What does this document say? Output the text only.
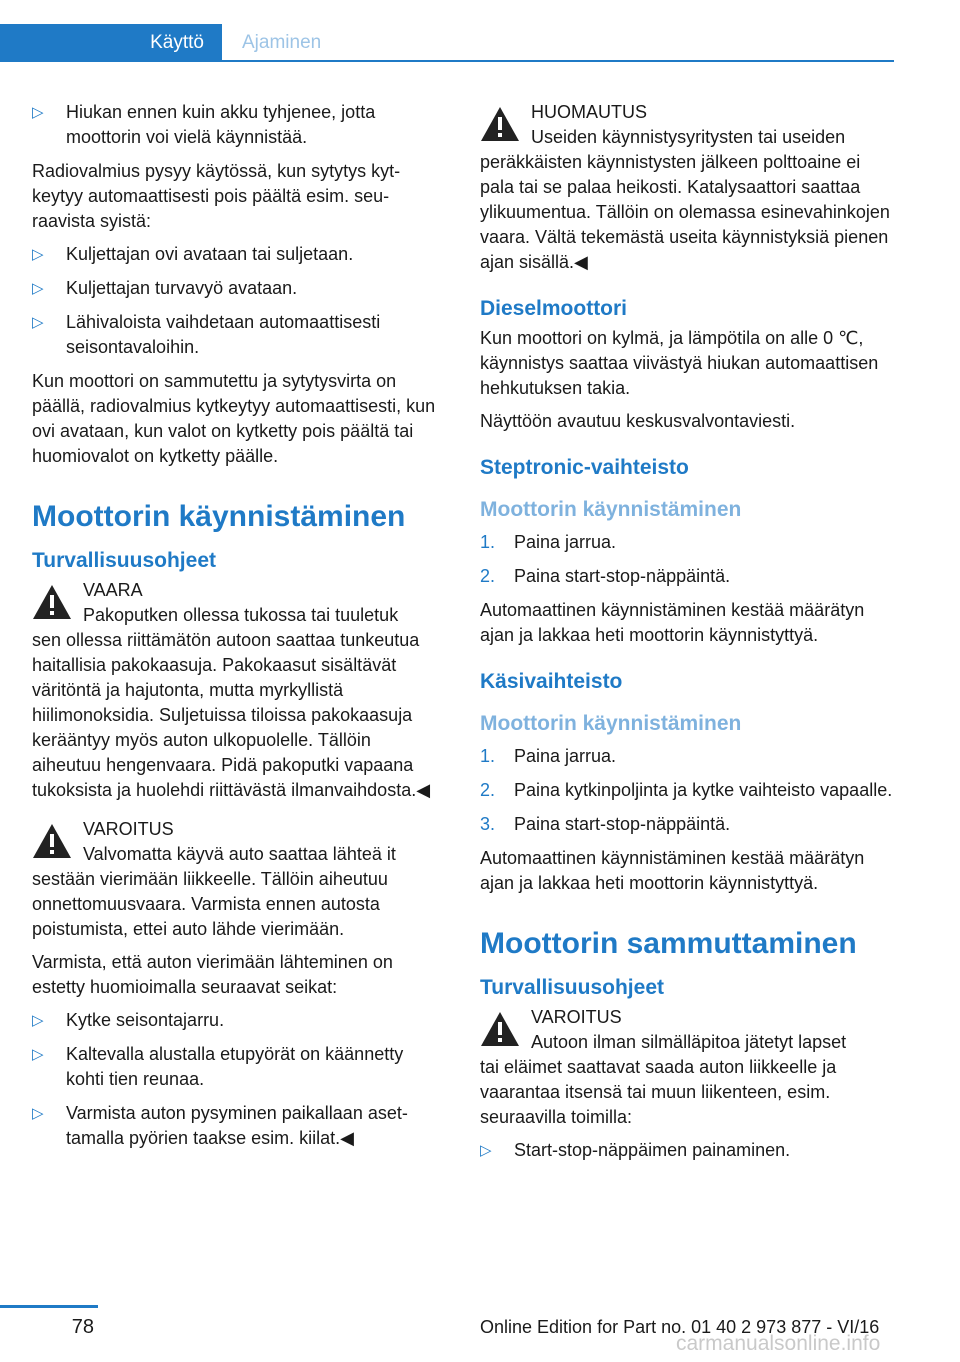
Käyttö	Ajaminen
▷ Hiukan ennen kuin akku tyhjenee, jotta moottorin voi vielä käynnistää.

Radiovalmius pysyy käytössä, kun sytytys kytkeytyy automaattisesti pois päältä esim. seuraavista syistä:

▷ Kuljettajan ovi avataan tai suljetaan.
▷ Kuljettajan turvavyö avataan.
▷ Lähivaloista vaihdetaan automaattisesti seisontavaloihin.

Kun moottori on sammutettu ja sytytysvirta on päällä, radiovalmius kytkeytyy automaattisesti, kun ovi avataan, kun valot on kytketty pois päältä tai huomiovalot on kytketty päälle.

Moottorin käynnistäminen
Turvallisuusohjeet
VAARA

Pakoputken ollessa tukossa tai tuuletuk
sen ollessa riittämätön autoon saattaa tunkeutua haitallisia pakokaasuja. Pakokaasut sisältävät väritöntä ja hajutonta, mutta myrkyllistä hiilimonoksidia. Suljetuissa tiloissa pakokaasuja kerääntyy myös auton ulkopuolelle. Tällöin aiheutuu hengenvaara. Pidä pakoputki vapaana tukoksista ja huolehdi riittävästä ilmanvaihdosta.◀

VAROITUS

Valvomatta käyvä auto saattaa lähteä it
sestään vierimään liikkeelle. Tällöin aiheutuu onnettomuusvaara. Varmista ennen autosta poistumista, ettei auto lähde vierimään.

Varmista, että auton vierimään lähteminen on estetty huomioimalla seuraavat seikat:

▷ Kytke seisontajarru.
▷ Kaltevalla alustalla etupyörät on käännetty kohti tien reunaa.
▷ Varmista auton pysyminen paikallaan asettamalla pyörien taakse esim. kiilat.◀
HUOMAUTUS

Useiden käynnistysyritysten tai useiden
peräkkäisten käynnistysten jälkeen polttoaine ei pala tai se palaa heikosti. Katalysaattori saattaa ylikuumentua. Tällöin on olemassa esinevahinkojen vaara. Vältä tekemästä useita käynnistyksiä pienen ajan sisällä.◀

Dieselmoottori

Kun moottori on kylmä, ja lämpötila on alle 0 ℃, käynnistys saattaa viivästyä hiukan automaattisen hehkutuksen takia.

Näyttöön avautuu keskusvalvontaviesti.

Steptronic-vaihteisto
Moottorin käynnistäminen
1. Paina jarrua.
2. Paina start-stop-näppäintä.

Automaattinen käynnistäminen kestää määrätyn ajan ja lakkaa heti moottorin käynnistyttyä.

Käsivaihteisto
Moottorin käynnistäminen
1. Paina jarrua.
2. Paina kytkinpoljinta ja kytke vaihteisto vapaalle.
3. Paina start-stop-näppäintä.

Automaattinen käynnistäminen kestää määrätyn ajan ja lakkaa heti moottorin käynnistyttyä.

Moottorin sammuttaminen
Turvallisuusohjeet
VAROITUS

Autoon ilman silmälläpitoa jätetyt lapset
tai eläimet saattavat saada auton liikkeelle ja vaarantaa itsensä tai muun liikenteen, esim. seuraavilla toimilla:

▷ Start-stop-näppäimen painaminen.
78	Online Edition for Part no. 01 40 2 973 877 - VI/16
carmanualsonline.info
